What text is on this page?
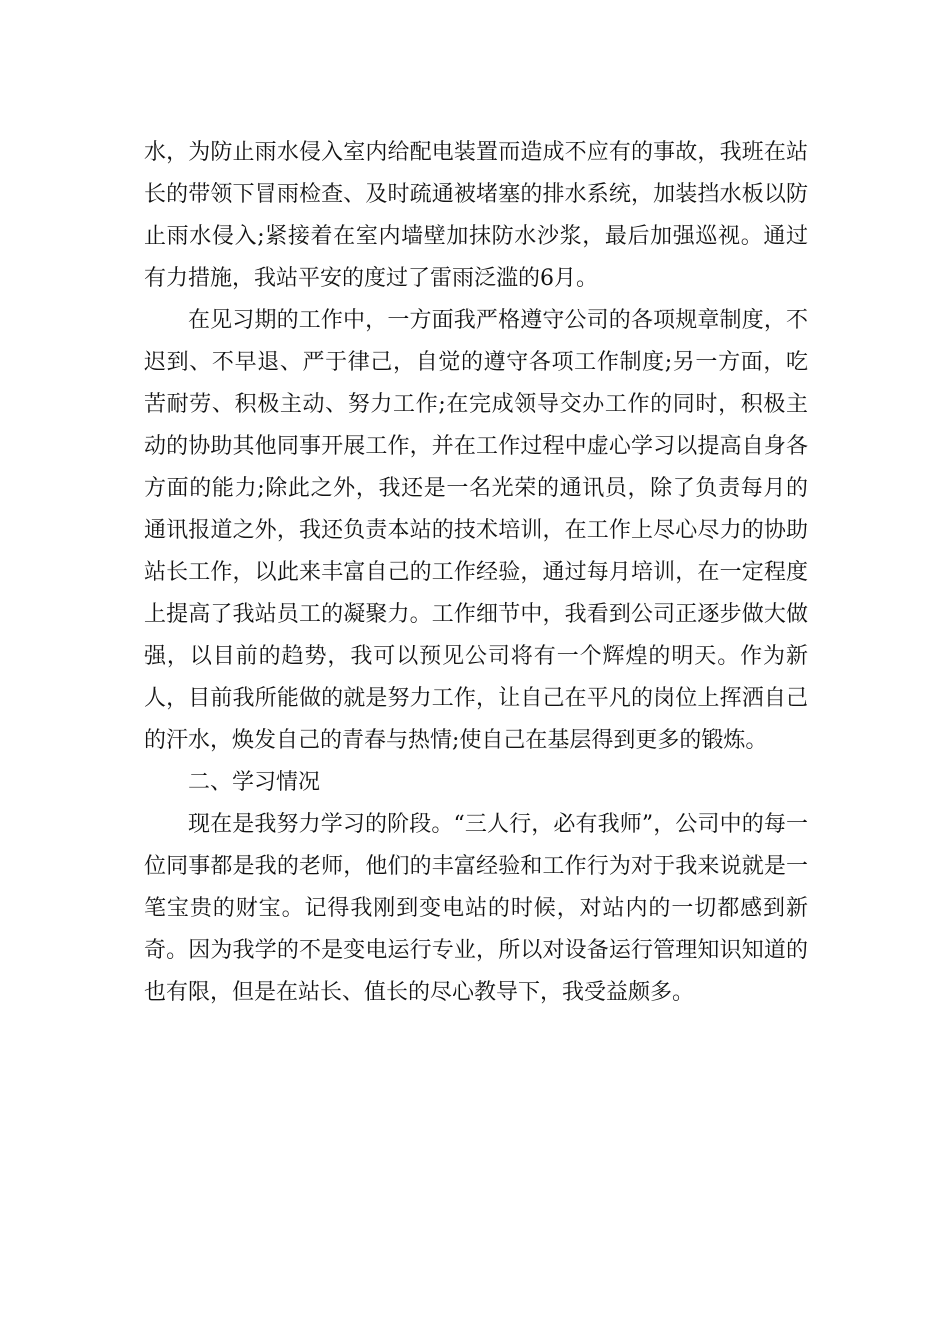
水，为防止雨水侵入室内给配电装置而造成不应有的事故，我班在站长的带领下冒雨检查、及时疏通被堵塞的排水系统，加装挡水板以防止雨水侵入;紧接着在室内墙壁加抹防水沙浆，最后加强巡视。通过有力措施，我站平安的度过了雷雨泛滥的6月。

在见习期的工作中，一方面我严格遵守公司的各项规章制度，不迟到、不早退、严于律己，自觉的遵守各项工作制度;另一方面，吃苦耐劳、积极主动、努力工作;在完成领导交办工作的同时，积极主动的协助其他同事开展工作，并在工作过程中虚心学习以提高自身各方面的能力;除此之外，我还是一名光荣的通讯员，除了负责每月的通讯报道之外，我还负责本站的技术培训，在工作上尽心尽力的协助站长工作，以此来丰富自己的工作经验，通过每月培训，在一定程度上提高了我站员工的凝聚力。工作细节中，我看到公司正逐步做大做强，以目前的趋势，我可以预见公司将有一个辉煌的明天。作为新人，目前我所能做的就是努力工作，让自己在平凡的岗位上挥洒自己的汗水，焕发自己的青春与热情;使自己在基层得到更多的锻炼。

二、学习情况

现在是我努力学习的阶段。“三人行，必有我师”，公司中的每一位同事都是我的老师，他们的丰富经验和工作行为对于我来说就是一笔宝贵的财宝。记得我刚到变电站的时候，对站内的一切都感到新奇。因为我学的不是变电运行专业，所以对设备运行管理知识知道的也有限，但是在站长、值长的尽心教导下，我受益颇多。
